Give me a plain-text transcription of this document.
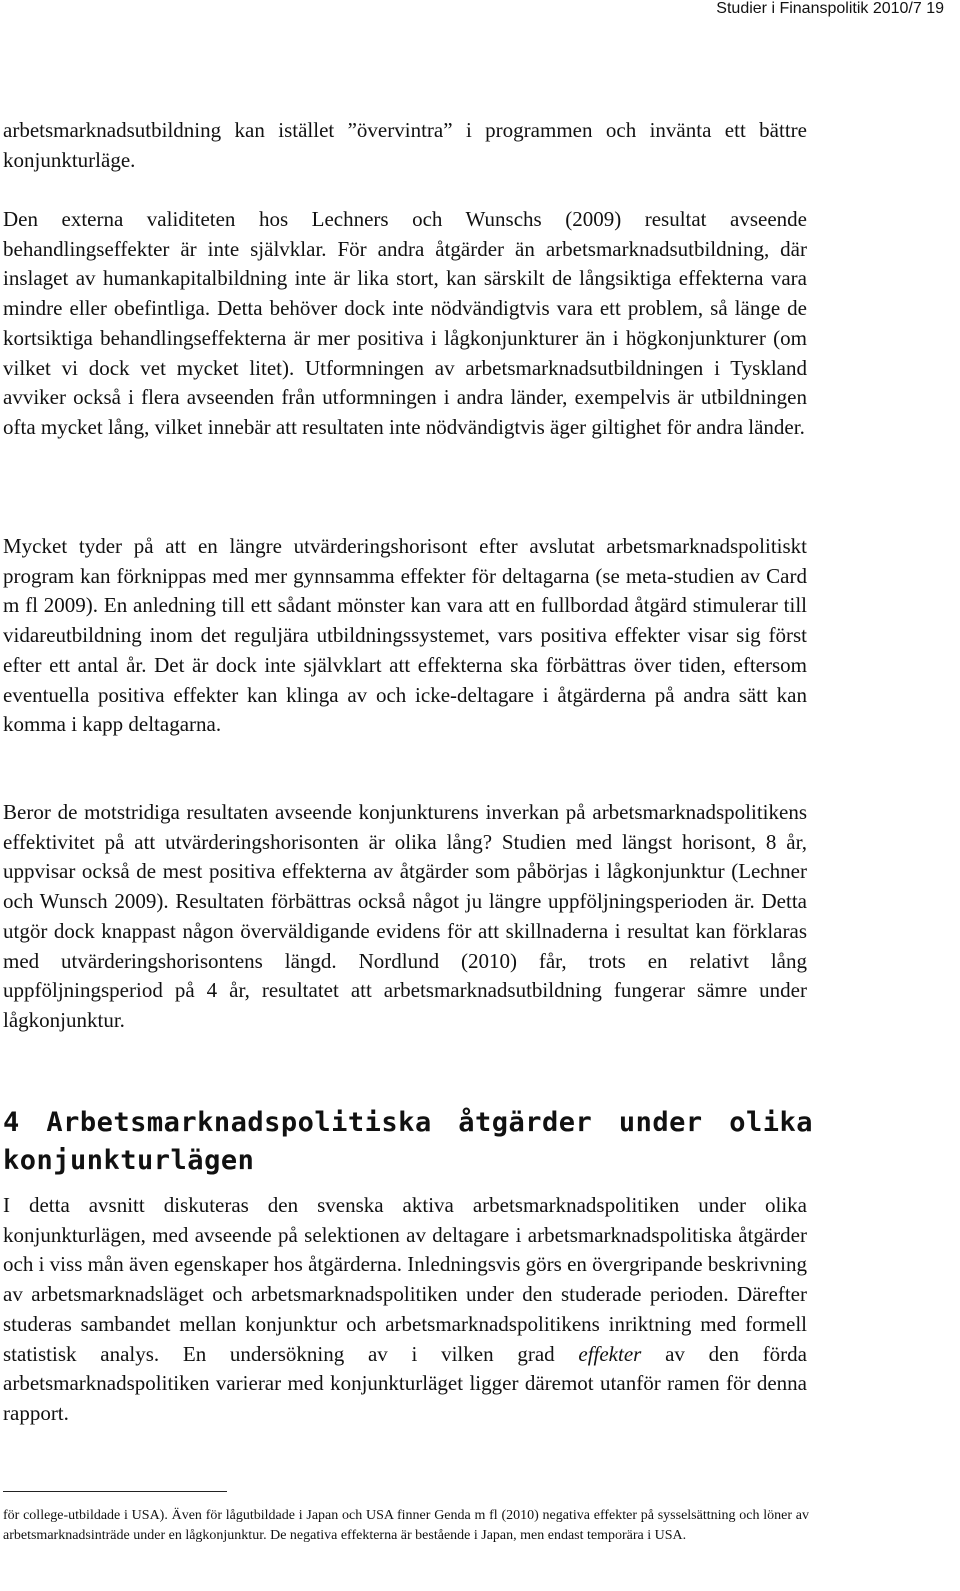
Studier i Finanspolitik 2010/7 19

arbetsmarknadsutbildning kan istället ”övervintra” i programmen och invänta ett bättre konjunkturläge.

Den externa validiteten hos Lechners och Wunschs (2009) resultat avseende behandlingseffekter är inte självklar. För andra åtgärder än arbetsmarknadsutbildning, där inslaget av humankapitalbildning inte är lika stort, kan särskilt de långsiktiga effekterna vara mindre eller obefintliga. Detta behöver dock inte nödvändigtvis vara ett problem, så länge de kortsiktiga behandlingseffekterna är mer positiva i lågkonjunkturer än i högkonjunkturer (om vilket vi dock vet mycket litet). Utformningen av arbetsmarknadsutbildningen i Tyskland avviker också i flera avseenden från utformningen i andra länder, exempelvis är utbildningen ofta mycket lång, vilket innebär att resultaten inte nödvändigtvis äger giltighet för andra länder.

Mycket tyder på att en längre utvärderingshorisont efter avslutat arbetsmarknadspolitiskt program kan förknippas med mer gynnsamma effekter för deltagarna (se meta-studien av Card m fl 2009). En anledning till ett sådant mönster kan vara att en fullbordad åtgärd stimulerar till vidareutbildning inom det reguljära utbildningssystemet, vars positiva effekter visar sig först efter ett antal år. Det är dock inte självklart att effekterna ska förbättras över tiden, eftersom eventuella positiva effekter kan klinga av och icke-deltagare i åtgärderna på andra sätt kan komma i kapp deltagarna.

Beror de motstridiga resultaten avseende konjunkturens inverkan på arbetsmarknadspolitikens effektivitet på att utvärderingshorisonten är olika lång? Studien med längst horisont, 8 år, uppvisar också de mest positiva effekterna av åtgärder som påbörjas i lågkonjunktur (Lechner och Wunsch 2009). Resultaten förbättras också något ju längre uppföljningsperioden är. Detta utgör dock knappast någon överväldigande evidens för att skillnaderna i resultat kan förklaras med utvärderingshorisontens längd. Nordlund (2010) får, trots en relativt lång uppföljningsperiod på 4 år, resultatet att arbetsmarknadsutbildning fungerar sämre under lågkonjunktur.

4 Arbetsmarknadspolitiska åtgärder under olika konjunkturlägen

I detta avsnitt diskuteras den svenska aktiva arbetsmarknadspolitiken under olika konjunkturlägen, med avseende på selektionen av deltagare i arbetsmarknadspolitiska åtgärder och i viss mån även egenskaper hos åtgärderna. Inledningsvis görs en övergripande beskrivning av arbetsmarknadsläget och arbetsmarknadspolitiken under den studerade perioden. Därefter studeras sambandet mellan konjunktur och arbetsmarknadspolitikens inriktning med formell statistisk analys. En undersökning av i vilken grad effekter av den förda arbetsmarknadspolitiken varierar med konjunkturläget ligger däremot utanför ramen för denna rapport.

för college-utbildade i USA). Även för lågutbildade i Japan och USA finner Genda m fl (2010) negativa effekter på sysselsättning och löner av arbetsmarknadsinträde under en lågkonjunktur. De negativa effekterna är bestående i Japan, men endast temporära i USA.
